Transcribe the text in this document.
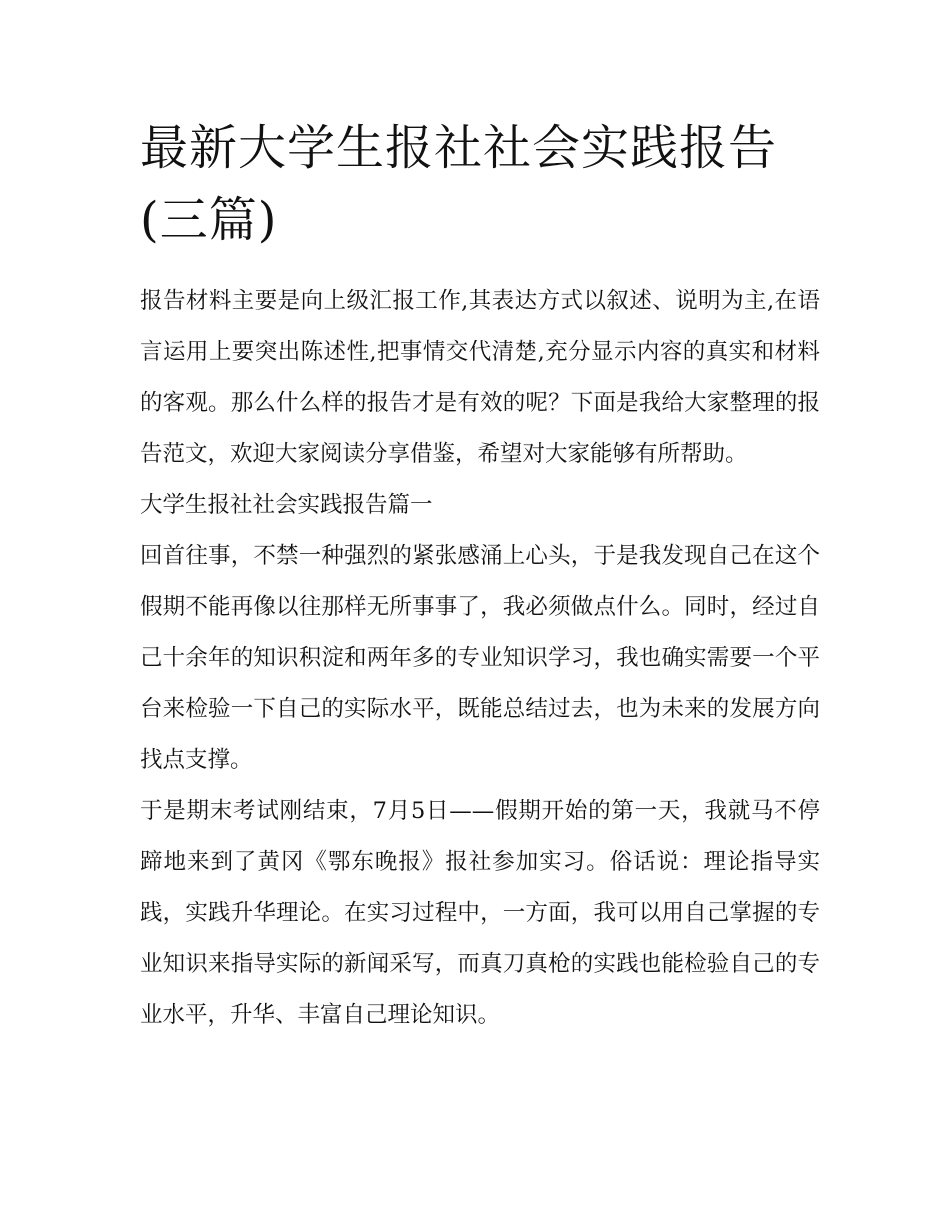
最新大学生报社社会实践报告(三篇)

报告材料主要是向上级汇报工作,其表达方式以叙述、说明为主,在语言运用上要突出陈述性,把事情交代清楚,充分显示内容的真实和材料的客观。那么什么样的报告才是有效的呢？下面是我给大家整理的报告范文，欢迎大家阅读分享借鉴，希望对大家能够有所帮助。

大学生报社社会实践报告篇一

回首往事，不禁一种强烈的紧张感涌上心头，于是我发现自己在这个假期不能再像以往那样无所事事了，我必须做点什么。同时，经过自己十余年的知识积淀和两年多的专业知识学习，我也确实需要一个平台来检验一下自己的实际水平，既能总结过去，也为未来的发展方向找点支撑。

于是期末考试刚结束，7月5日——假期开始的第一天，我就马不停蹄地来到了黄冈《鄂东晚报》报社参加实习。俗话说：理论指导实践，实践升华理论。在实习过程中，一方面，我可以用自己掌握的专业知识来指导实际的新闻采写，而真刀真枪的实践也能检验自己的专业水平，升华、丰富自己理论知识。
